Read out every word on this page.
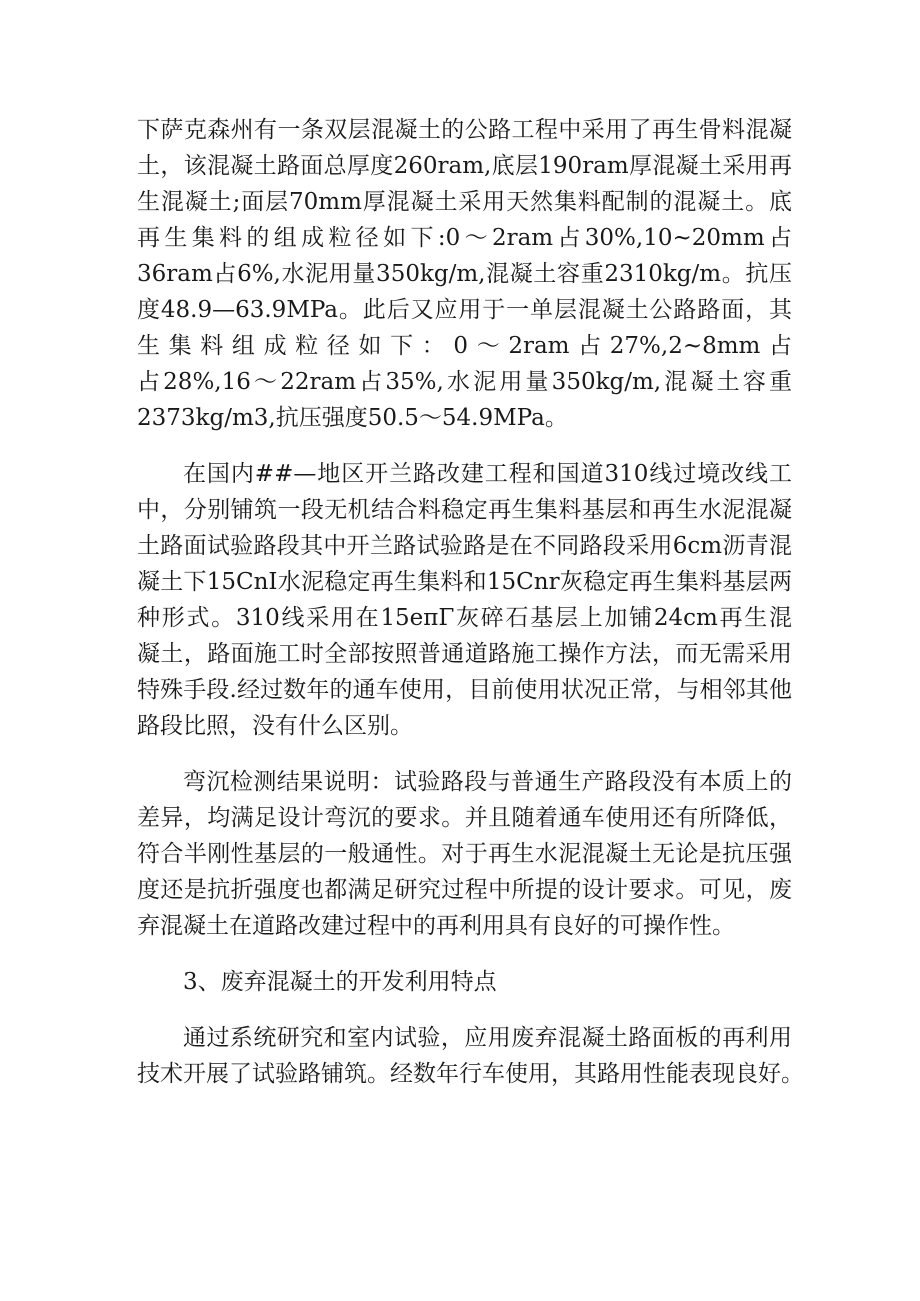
下萨克森州有一条双层混凝土的公路工程中采用了再生骨料混凝
土，该混凝土路面总厚度260ram,底层190ram厚混凝土采用再
生混凝土;面层70mm厚混凝土采用天然集料配制的混凝土。底
再生集料的组成粒径如下:0～2ram占30%,10~20mm占
36ram占6%,水泥用量350kg/m,混凝土容重2310kg/m。抗压
度48.9—63.9MPa。此后又应用于一单层混凝土公路路面，其
生集料组成粒径如下：0～2ram占27%,2~8mm占
占28%,16～22ram占35%,水泥用量350kg/m,混凝土容重
2373kg/m3,抗压强度50.5～54.9MPa。
在国内##—地区开兰路改建工程和国道310线过境改线工
中，分别铺筑一段无机结合料稳定再生集料基层和再生水泥混凝
土路面试验路段其中开兰路试验路是在不同路段采用6cm沥青混
凝土下15CnI水泥稳定再生集料和15Cnr灰稳定再生集料基层两
种形式。310线采用在15eπΓ灰碎石基层上加铺24cm再生混
凝土，路面施工时全部按照普通道路施工操作方法，而无需采用
特殊手段.经过数年的通车使用，目前使用状况正常，与相邻其他
路段比照，没有什么区别。
弯沉检测结果说明：试验路段与普通生产路段没有本质上的
差异，均满足设计弯沉的要求。并且随着通车使用还有所降低，
符合半刚性基层的一般通性。对于再生水泥混凝土无论是抗压强
度还是抗折强度也都满足研究过程中所提的设计要求。可见，废
弃混凝土在道路改建过程中的再利用具有良好的可操作性。
3、废弃混凝土的开发利用特点
通过系统研究和室内试验，应用废弃混凝土路面板的再利用
技术开展了试验路铺筑。经数年行车使用，其路用性能表现良好。
